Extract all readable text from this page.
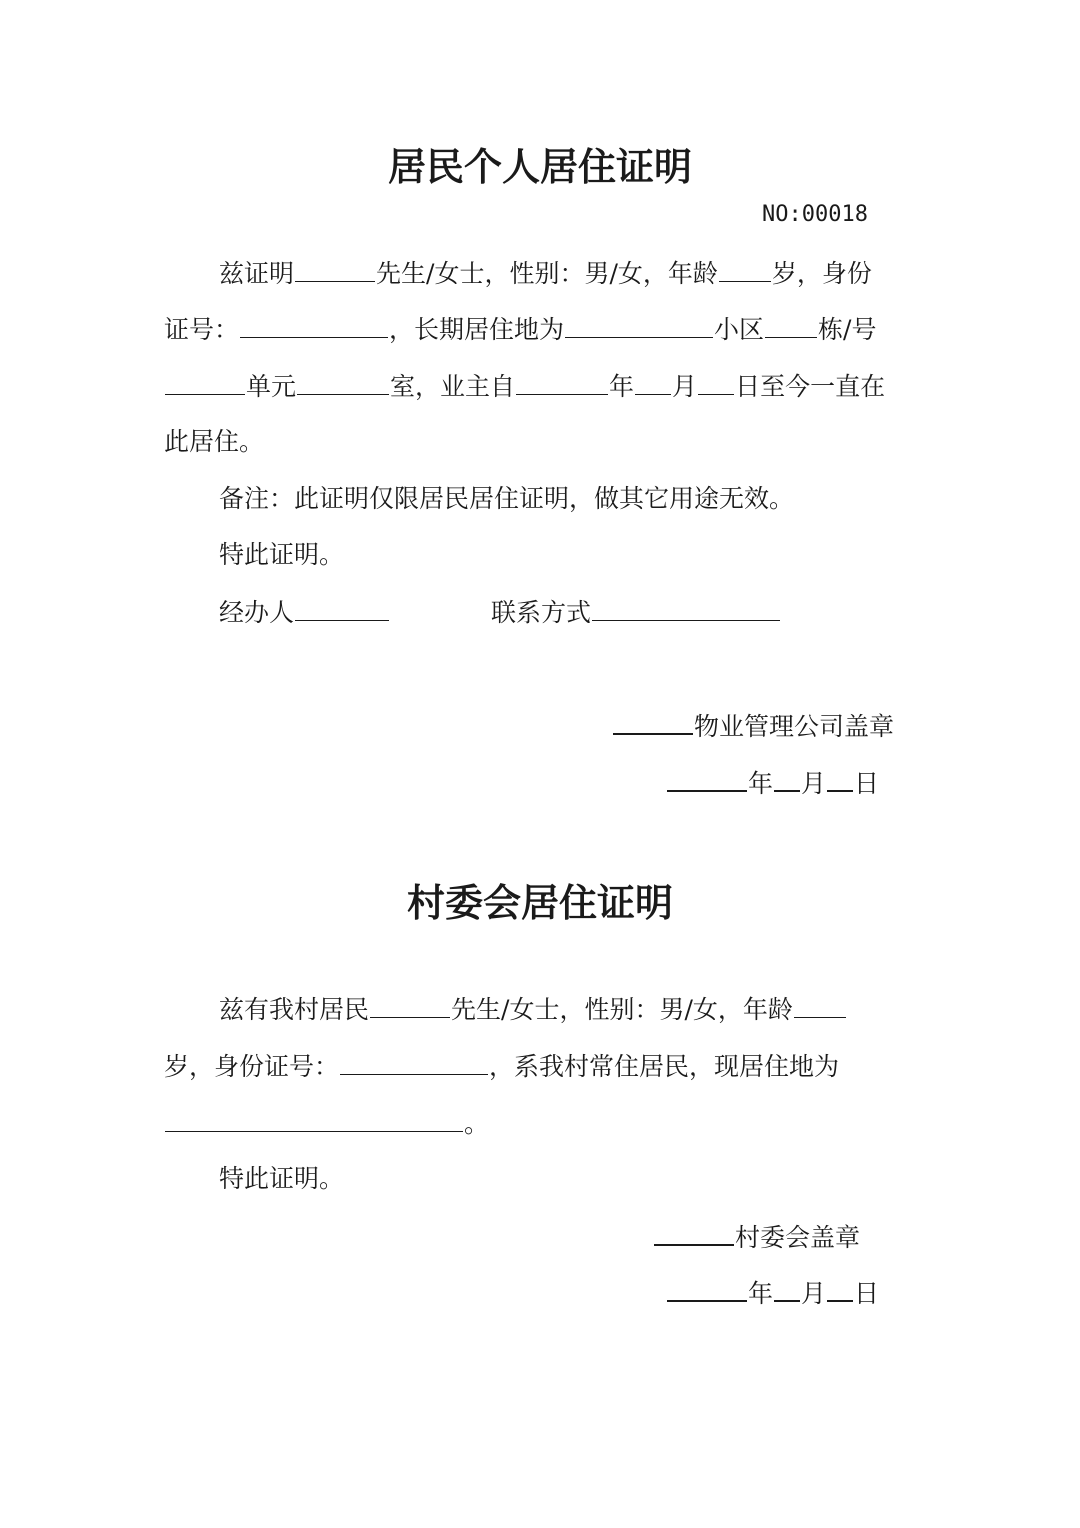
居民个人居住证明
NO:00018
兹证明	先生/女士，性别：男/女，年龄 岁，身份
证号：	，长期居住地为	小区 栋/号
单元	室，业主自	年 月 日至今一直在
此居住。
备注：此证明仅限居民居住证明，做其它用途无效。
特此证明。
经办人	联系方式
物业管理公司盖章
年 月 日
村委会居住证明
兹有我村居民	先生/女士，性别：男/女，年龄
岁，身份证号：	，系我村常住居民，现居住地为
。
特此证明。
村委会盖章
年 月 日
